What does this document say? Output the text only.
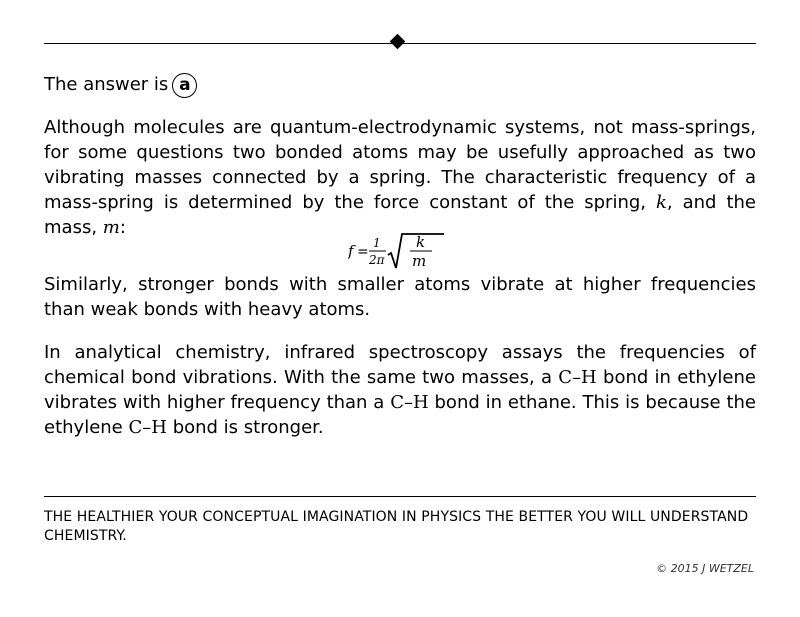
The answer is a
Although molecules are quantum-electrodynamic systems, not mass-springs, for some questions two bonded atoms may be usefully approached as two vibrating masses connected by a spring. The characteristic frequency of a mass-spring is determined by the force constant of the spring, k, and the mass, m:
f =
1
2π
k
m
Similarly, stronger bonds with smaller atoms vibrate at higher frequencies than weak bonds with heavy atoms.
In analytical chemistry, infrared spectroscopy assays the frequencies of chemical bond vibrations. With the same two masses, a C–H bond in ethylene vibrates with higher frequency than a C–H bond in ethane. This is because the ethylene C–H bond is stronger.
THE HEALTHIER YOUR CONCEPTUAL IMAGINATION IN PHYSICS THE BETTER YOU WILL UNDERSTAND CHEMISTRY.
© 2015 J WETZEL
